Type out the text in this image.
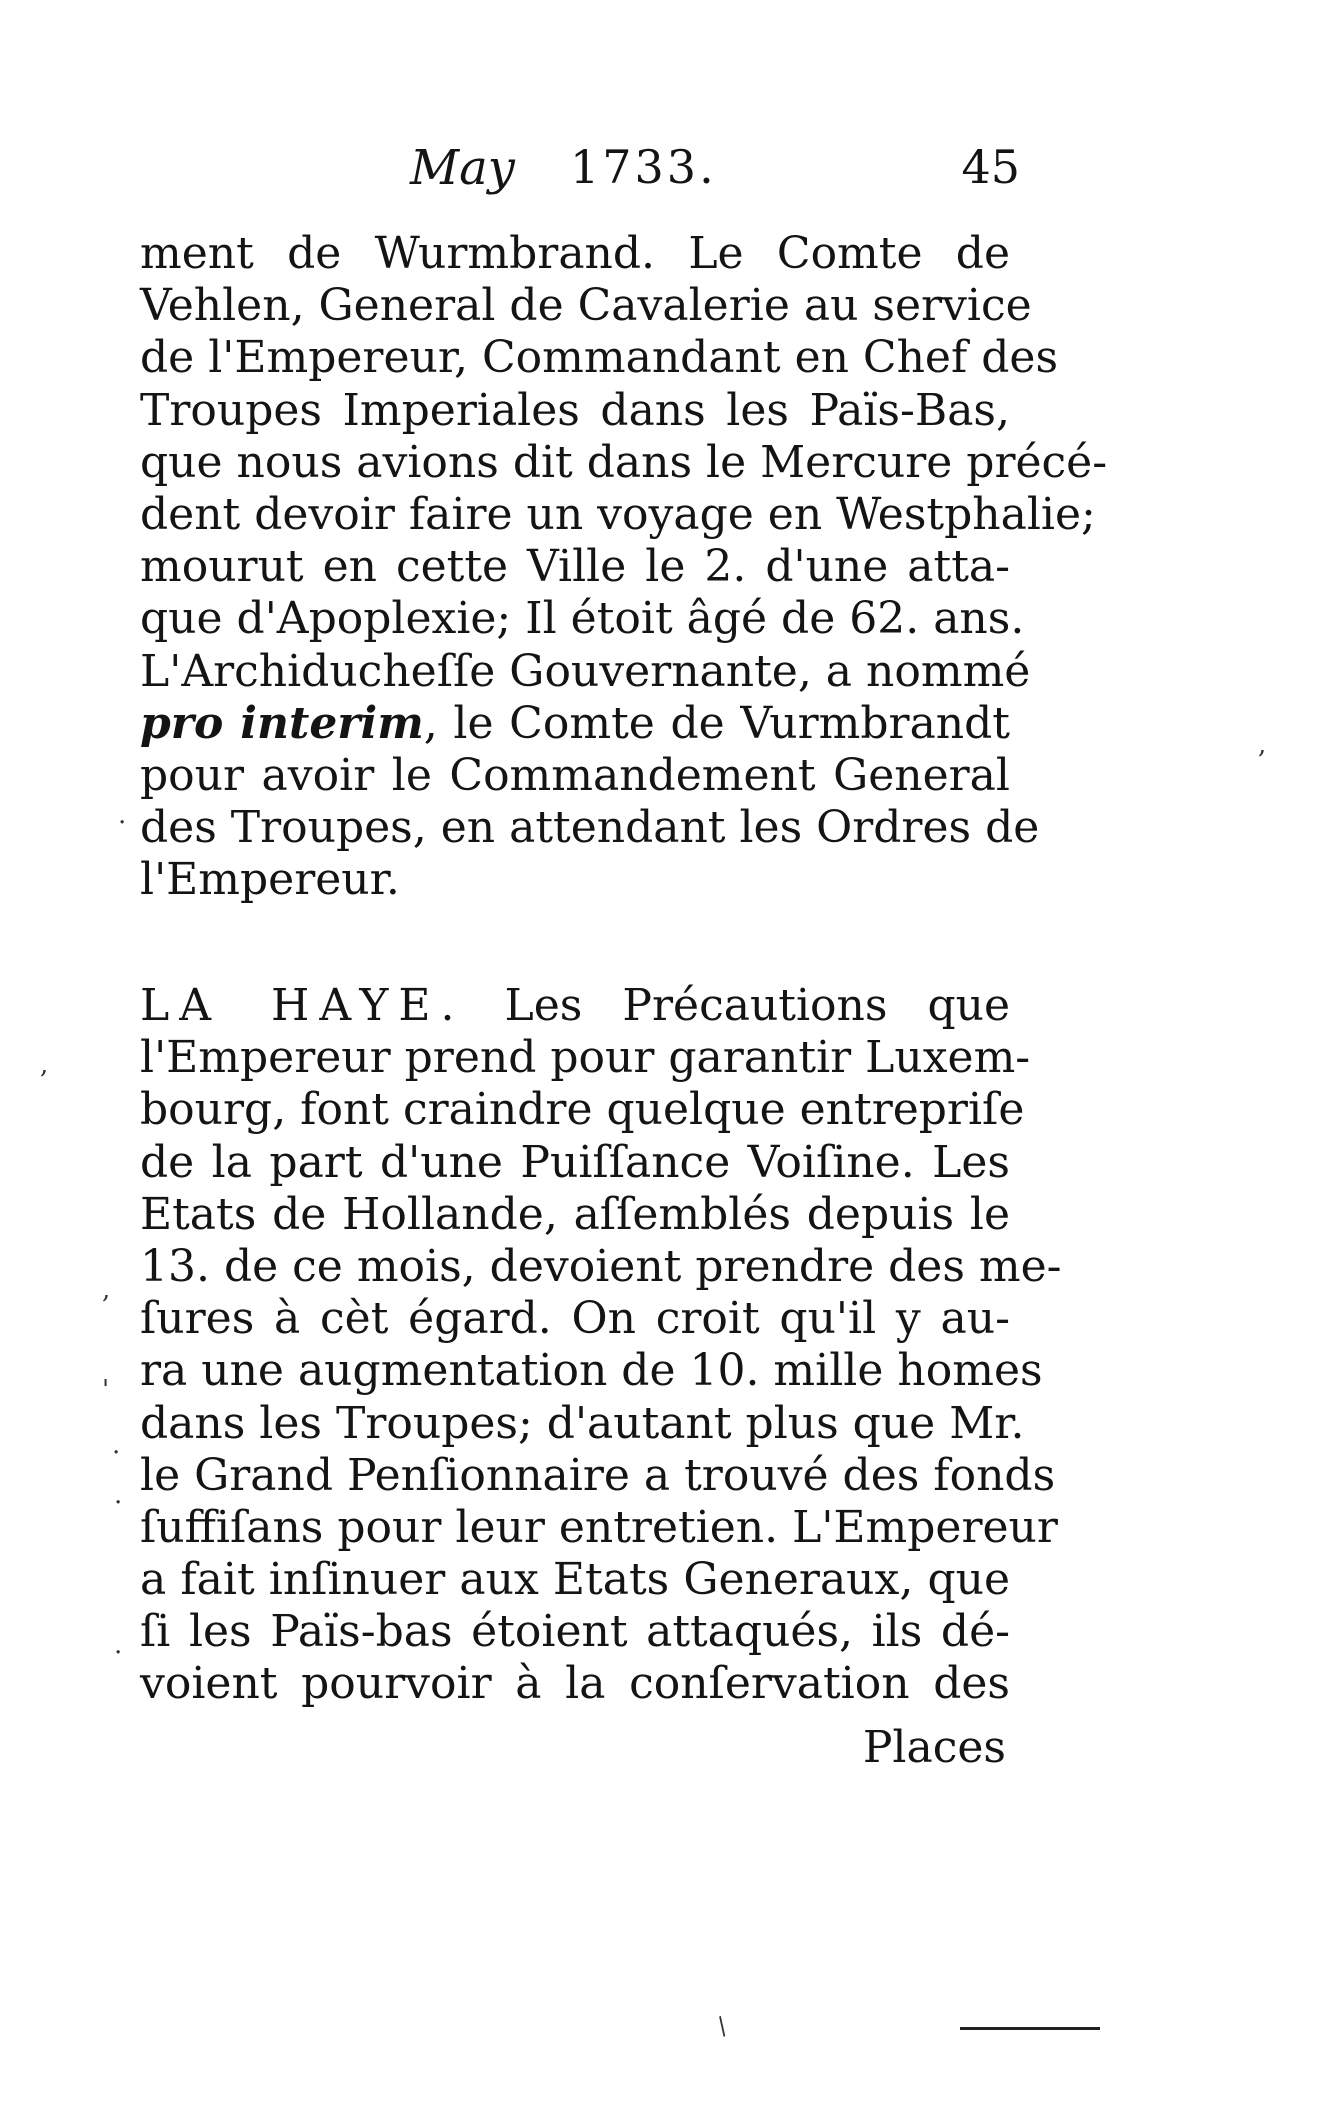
May 1733.	45
ment de Wurmbrand. Le Comte de
Vehlen, General de Cavalerie au service
de l'Empereur, Commandant en Chef des
Troupes Imperiales dans les Païs-Bas,
que nous avions dit dans le Mercure précé-
dent devoir faire un voyage en Westphalie;
mourut en cette Ville le 2. d'une atta-
que d'Apoplexie; Il étoit âgé de 62. ans.
L'Archiducheſſe Gouvernante, a nommé
pro interim, le Comte de Vurmbrandt
pour avoir le Commandement General
des Troupes, en attendant les Ordres de
l'Empereur.
LA HAYE. Les Précautions que
l'Empereur prend pour garantir Luxem-
bourg, font craindre quelque entrepriſe
de la part d'une Puiſſance Voiſine. Les
Etats de Hollande, aſſemblés depuis le
13. de ce mois, devoient prendre des me-
ſures à cèt égard. On croit qu'il y au-
ra une augmentation de 10. mille homes
dans les Troupes; d'autant plus que Mr.
le Grand Penſionnaire a trouvé des fonds
ſuffiſans pour leur entretien. L'Empereur
a fait inſinuer aux Etats Generaux, que
ſi les Païs-bas étoient attaqués, ils dé-
voient pourvoir à la conſervation des
Places
,
.
,
,
'
.
.
.
/
